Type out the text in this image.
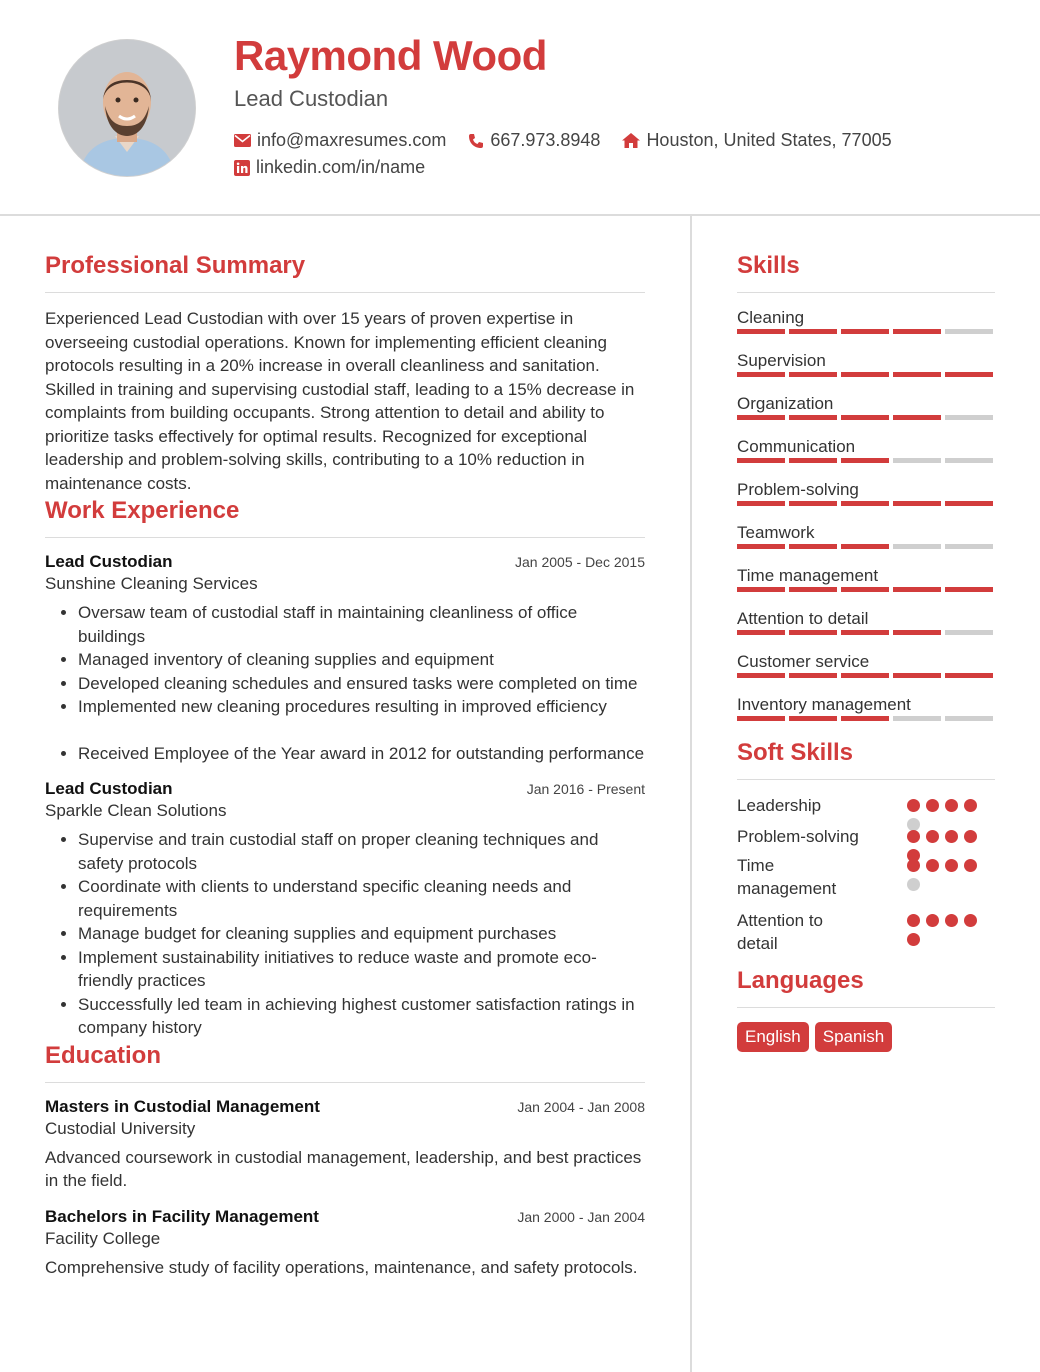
Raymond Wood
Lead Custodian
info@maxresumes.com 667.973.8948	Houston, United States, 77005
linkedin.com/in/name
Professional Summary

Experienced Lead Custodian with over 15 years of proven expertise in overseeing custodial operations. Known for implementing efficient cleaning protocols resulting in a 20% increase in overall cleanliness and sanitation. Skilled in training and supervising custodial staff, leading to a 15% decrease in complaints from building occupants. Strong attention to detail and ability to prioritize tasks effectively for optimal results. Recognized for exceptional leadership and problem-solving skills, contributing to a 10% reduction in maintenance costs.

Work Experience
Lead Custodian	Jan 2005 - Dec 2015
Sunshine Cleaning Services
• Oversaw team of custodial staff in maintaining cleanliness of office buildings
• Managed inventory of cleaning supplies and equipment
• Developed cleaning schedules and ensured tasks were completed on time
• Implemented new cleaning procedures resulting in improved efficiency
• Received Employee of the Year award in 2012 for outstanding performance
Lead Custodian	Jan 2016 - Present
Sparkle Clean Solutions
• Supervise and train custodial staff on proper cleaning techniques and safety protocols
• Coordinate with clients to understand specific cleaning needs and requirements
• Manage budget for cleaning supplies and equipment purchases
• Implement sustainability initiatives to reduce waste and promote eco-friendly practices
• Successfully led team in achieving highest customer satisfaction ratings in company history
Education
Masters in Custodial Management	Jan 2004 - Jan 2008
Custodial University

Advanced coursework in custodial management, leadership, and best practices in the field.

Bachelors in Facility Management	Jan 2000 - Jan 2004
Facility College

Comprehensive study of facility operations, maintenance, and safety protocols.

Skills
Cleaning
Supervision
Organization
Communication
Problem-solving
Teamwork
Time management
Attention to detail
Customer service
Inventory management
Soft Skills
Leadership
Problem-solving
Time management
Attention to detail
Languages
English	Spanish
